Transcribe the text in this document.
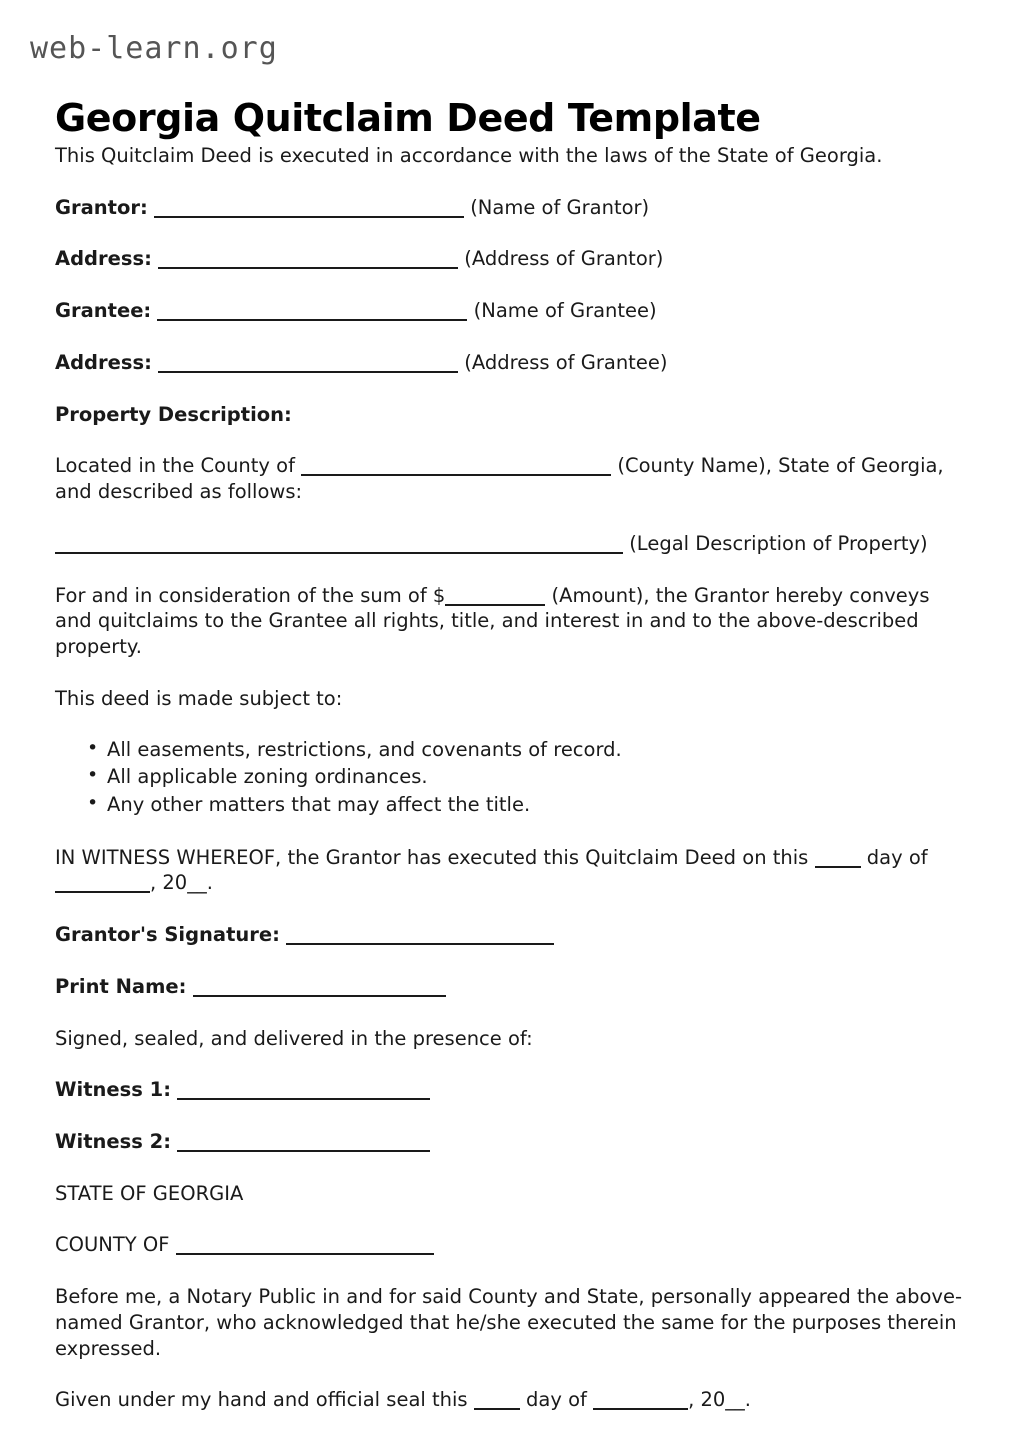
web-learn.org
Georgia Quitclaim Deed Template

This Quitclaim Deed is executed in accordance with the laws of the State of Georgia.

Grantor:	(Name of Grantor)

Address:	(Address of Grantor)

Grantee:	(Name of Grantee)

Address:	(Address of Grantee)

Property Description:

Located in the County of	(County Name), State of Georgia, and described as follows:

(Legal Description of Property)

For and in consideration of the sum of $	(Amount), the Grantor hereby conveys and quitclaims to the Grantee all rights, title, and interest in and to the above-described property.

This deed is made subject to:

• All easements, restrictions, and covenants of record.
• All applicable zoning ordinances.
• Any other matters that may affect the title.

IN WITNESS WHEREOF, the Grantor has executed this Quitclaim Deed on this	day of , 20__.

Grantor's Signature:

Print Name:

Signed, sealed, and delivered in the presence of:

Witness 1:

Witness 2:

STATE OF GEORGIA

COUNTY OF

Before me, a Notary Public in and for said County and State, personally appeared the above-named Grantor, who acknowledged that he/she executed the same for the purposes therein expressed.

Given under my hand and official seal this	day of	, 20__.
